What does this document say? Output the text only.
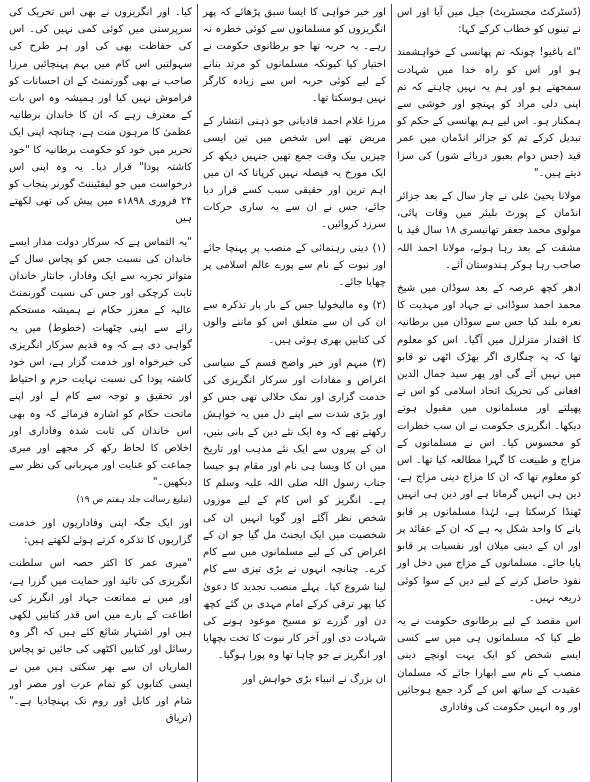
(ڈسٹرکٹ مجسٹریٹ) جیل میں آیا اور اس نے تینوں کو خطاب کرکے کہا:

"اے باغیو! چونکہ تم پھانسی کے خواہشمند ہو اور اس کو راہ خدا میں شہادت سمجھتے ہو اور ہم یہ نہیں چاہتے کہ تم اپنی دلی مراد کو پہنچو اور خوشی سے ہمکنار ہو۔ اس لیے ہم پھانسی کے حکم کو تبدیل کرکے تم کو جزائر انڈمان میں عمر قید (جس دوام بعبور دریائے شور) کی سزا دیتے ہیں۔"

مولانا یحییٰ علی نے چار سال کے بعد جزائر انڈمان کے پورٹ بلیئر میں وفات پائی، مولوی محمد جعفر تھانیسری ۱۸ سال قید با مشقت کے بعد رہا ہوئے، مولانا احمد اللہ صاحب رہا ہوکر ہندوستان آئے۔

ادھر کچھ عرصہ کے بعد سوڈان میں شیخ محمد احمد سوڈانی نے جہاد اور مہدیت کا نعرہ بلند کیا جس سے سوڈان میں برطانیہ کا اقتدار متزلزل میں آگیا۔ اس کو معلوم تھا کہ یہ چنگاری اگر بھڑک اٹھی تو قابو میں نہیں آئے گی اور پھر سید جمال الدین افغانی کی تحریک اتحاد اسلامی کو اس نے پھیلتے اور مسلمانوں میں مقبول ہوتے دیکھا۔ انگریزی حکومت نے ان سب خطرات کو محسوس کیا۔ اس نے مسلمانوں کے مزاج و طبیعت کا گہرا مطالعہ کیا تھا۔ اس کو معلوم تھا کہ ان کا مزاج دینی مزاج ہے، دین ہی انہیں گرماتا ہے اور دین ہی انہیں ٹھنڈا کرسکتا ہے، لہٰذا مسلمانوں پر قابو پانے کا واحد شکل یہ ہے کہ ان کے عقائد پر اور ان کے دینی میلان اور نفسیات پر قابو پایا جائے۔ مسلمانوں کے مزاج میں دخل اور نفوذ حاصل کرنے کے لیے دین کے سوا کوئی ذریعہ نہیں۔

اس مقصد کے لیے برطانوی حکومت نے یہ طے کیا کہ مسلمانوں ہی میں سے کسی ایسے شخص کو ایک بہت اونچے دینی منصب کے نام سے ابھارا جائے کہ مسلمان عقیدت کے ساتھ اس کے گرد جمع ہوجائیں اور وہ انہیں حکومت کی وفاداری

اور خیر خواہی کا ایسا سبق پڑھائے کہ پھر انگریزوں کو مسلمانوں سے کوئی خطرہ نہ رہے۔ یہ حربہ تھا جو برطانوی حکومت نے اختیار کیا کیونکہ مسلمانوں کو مرتد بنانے کے لیے کوئی حربہ اس سے زیادہ کارگر نہیں ہوسکتا تھا۔

مرزا غلام احمد قادیانی جو ذہنی انتشار کے مریض تھے اس شخص میں تین ایسی چیزیں بیک وقت جمع تھیں جنہیں دیکھ کر ایک مورخ یہ فیصلہ نہیں کرپاتا کہ ان میں اہم ترین اور حقیقی سبب کسے قرار دیا جائے، جس نے ان سے یہ ساری حرکات سرزد کروائیں۔

(۱) دینی رہنمائی کے منصب پر پہنچا جائے اور نبوت کے نام سے پورے عالم اسلامی پر چھایا جائے۔

(۲) وہ مالیخولیا جس کے بار بار تذکرہ سے ان کی ان سے متعلق اس کو ماننے والوں کی کتابیں بھری ہوئی ہیں۔

(۳) مبہم اور خیر واضح قسم کے سیاسی اغراض و مفادات اور سرکار انگریزی کی خدمت گزاری اور نمک حلالی تھی جس کو اور بڑی شدت سے اپنے دل میں یہ خواہش رکھتے تھے کہ وہ ایک نئے دین کے بانی بنیں، ان کے پیروں سے ایک نئے مذہب اور تاریخ میں ان کا ویسا ہی نام اور مقام ہو جیسا جناب رسول اللہ صلی اللہ علیہ وسلم کا ہے۔ انگریز کو اس کام کے لیے موزوں شخص نظر آگئے اور گویا انہیں ان کی شخصیت میں ایک ایجنٹ مل گیا جو ان کے اغراض کی کے لیے مسلمانوں میں سے کام کرے۔ چنانچہ انہوں نے بڑی تیزی سے کام لینا شروع کیا۔ پہلے منصب تجدید کا دعویٰ کیا پھر ترقی کرکے امام مہدی بن گئے کچھ دن اور گزرے تو مسیح موعود ہونے کی شہادت دی اور آخر کار نبوت کا تخت بچھایا اور انگریز نے جو چاہا تھا وہ پورا ہوگیا۔

ان بزرگ نے انبیاء بڑی خواہش اور

کیا۔ اور انگریزوں نے بھی اس تحریک کی سرپرستی میں کوئی کمی نہیں کی۔ اس کی حفاظت بھی کی اور ہر طرح کی سہولتیں اس کام میں بہم پہنچائیں مرزا صاحب نے بھی گورنمنٹ کے ان احسانات کو فراموش نہیں کیا اور ہمیشہ وہ اس بات کے معترف رہے کہ ان کا خاندان برطانیہ عظمیٰ کا مرہون منت ہے، چنانچہ اپنی ایک تحریر میں خود کو حکومت برطانیہ کا "خود کاشتہ پودا" قرار دیا۔ یہ وہ اپنی اس درخواست میں جو لیفٹیننٹ گورنر پنجاب کو ۲۴ فروری ۱۸۹۸ء میں پیش کی تھی لکھتے ہیں

"یہ التماس ہے کہ سرکار دولت مدار ایسے خاندان کی نسبت جس کو پچاس سال کے متواتر تجربہ سے ایک وفادار، جانثار خاندان ثابت کرچکی اور جس کی نسبت گورنمنٹ عالیہ کے معزز حکام نے ہمیشہ مستحکم رائے سے اپنی چٹھیات (خطوط) میں یہ گواہی دی ہے کہ وہ قدیم سرکار انگریزی کی خیرخواہ اور خدمت گزار ہے، اس خود کاشتہ پودا کی نسبت نہایت حزم و احتیاط اور تحقیق و توجہ سے کام لے اور اپنے ماتحت حکام کو اشارہ فرمائے کہ وہ بھی اس خاندان کی ثابت شدہ وفاداری اور اخلاص کا لحاظ رکھ کر مجھے اور میری جماعت کو عنایت اور مہربانی کی نظر سے دیکھیں۔"

(تبلیغ رسالت جلد ہفتم ص ۱۹)

اور ایک جگہ اپنی وفاداریوں اور خدمت گزاریوں کا تذکرہ کرتے ہوئے لکھتے ہیں:

"میری عمر کا اکثر حصہ اس سلطنت انگریزی کی تائید اور حمایت میں گزرا ہے، اور میں نے ممانعت جہاد اور انگریز کی اطاعت کے بارے میں اس قدر کتابیں لکھی ہیں اور اشتہار شائع کئے ہیں کہ اگر وہ رسائل اور کتابیں اکٹھی کی جائیں تو پچاس الماریاں ان سے بھر سکتی ہیں میں نے ایسی کتابوں کو تمام عرب اور مصر اور شام اور کابل اور روم تک پہنچادیا ہے۔" (تریاق
